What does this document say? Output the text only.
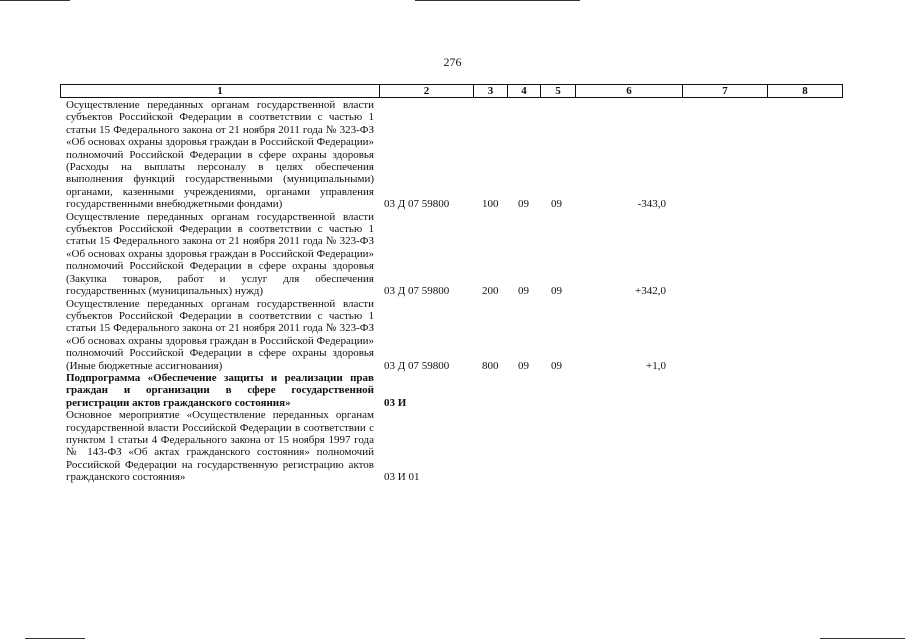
276
1	2	3	4	5	6	7	8
Осуществление переданных органам государственной власти субъектов Российской Федерации в соответствии с частью 1 статьи 15 Федерального закона от 21 ноября 2011 года № 323-ФЗ «Об основах охраны здоровья граждан в Российской Федерации» полномочий Российской Федерации в сфере охраны здоровья (Расходы на выплаты персоналу в целях обеспечения выполнения функций государственными (муниципальными) органами, казенными учреждениями, органами управления государственными внебюджетными фондами)	03 Д 07 59800	100 09 09	-343,0
Осуществление переданных органам государственной власти субъектов Российской Федерации в соответствии с частью 1 статьи 15 Федерального закона от 21 ноября 2011 года № 323-ФЗ «Об основах охраны здоровья граждан в Российской Федерации» полномочий Российской Федерации в сфере охраны здоровья (Закупка товаров, работ и услуг для обеспечения государственных (муниципальных) нужд)	03 Д 07 59800	200 09 09	+342,0
Осуществление переданных органам государственной власти субъектов Российской Федерации в соответствии с частью 1 статьи 15 Федерального закона от 21 ноября 2011 года № 323-ФЗ «Об основах охраны здоровья граждан в Российской Федерации» полномочий Российской Федерации в сфере охраны здоровья (Иные бюджетные ассигнования)	03 Д 07 59800	800 09 09	+1,0
Подпрограмма «Обеспечение защиты и реализации прав граждан и организации в сфере государственной регистрации актов гражданского состояния»	03 И
Основное мероприятие «Осуществление переданных органам государственной власти Российской Федерации в соответствии с пунктом 1 статьи 4 Федерального закона от 15 ноября 1997 года № 143-ФЗ «Об актах гражданского состояния» полномочий Российской Федерации на государственную регистрацию актов гражданского состояния»	03 И 01
